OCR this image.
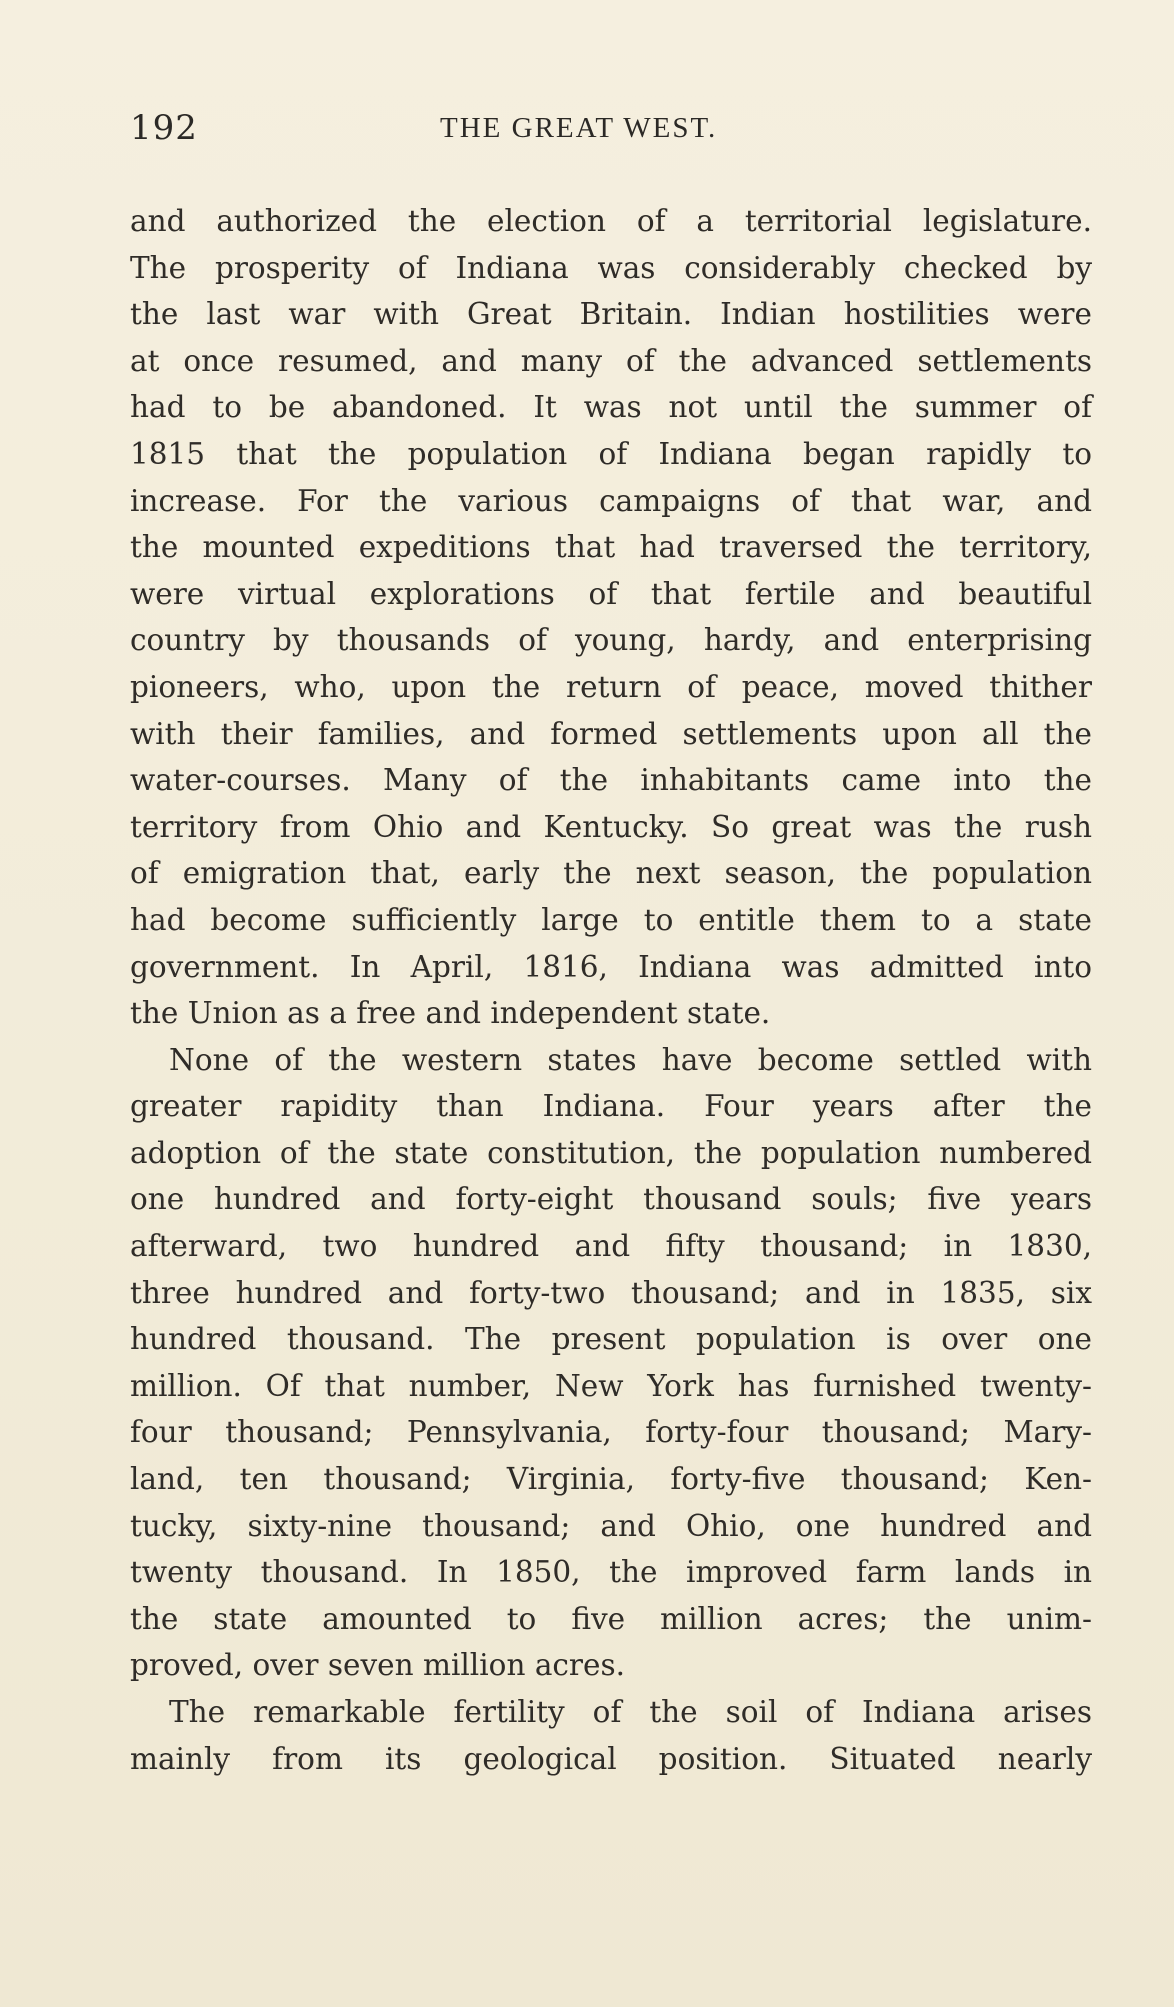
192	THE GREAT WEST.
and authorized the election of a territorial legislature.
The prosperity of Indiana was considerably checked by
the last war with Great Britain. Indian hostilities were
at once resumed, and many of the advanced settlements
had to be abandoned. It was not until the summer of
1815 that the population of Indiana began rapidly to
increase. For the various campaigns of that war, and
the mounted expeditions that had traversed the territory,
were virtual explorations of that fertile and beautiful
country by thousands of young, hardy, and enterprising
pioneers, who, upon the return of peace, moved thither
with their families, and formed settlements upon all the
water-courses. Many of the inhabitants came into the
territory from Ohio and Kentucky. So great was the rush
of emigration that, early the next season, the population
had become sufficiently large to entitle them to a state
government. In April, 1816, Indiana was admitted into
the Union as a free and independent state.
None of the western states have become settled with
greater rapidity than Indiana. Four years after the
adoption of the state constitution, the population numbered
one hundred and forty-eight thousand souls; five years
afterward, two hundred and fifty thousand; in 1830,
three hundred and forty-two thousand; and in 1835, six
hundred thousand. The present population is over one
million. Of that number, New York has furnished twenty-
four thousand; Pennsylvania, forty-four thousand; Mary-
land, ten thousand; Virginia, forty-five thousand; Ken-
tucky, sixty-nine thousand; and Ohio, one hundred and
twenty thousand. In 1850, the improved farm lands in
the state amounted to five million acres; the unim-
proved, over seven million acres.
The remarkable fertility of the soil of Indiana arises
mainly from its geological position. Situated nearly
